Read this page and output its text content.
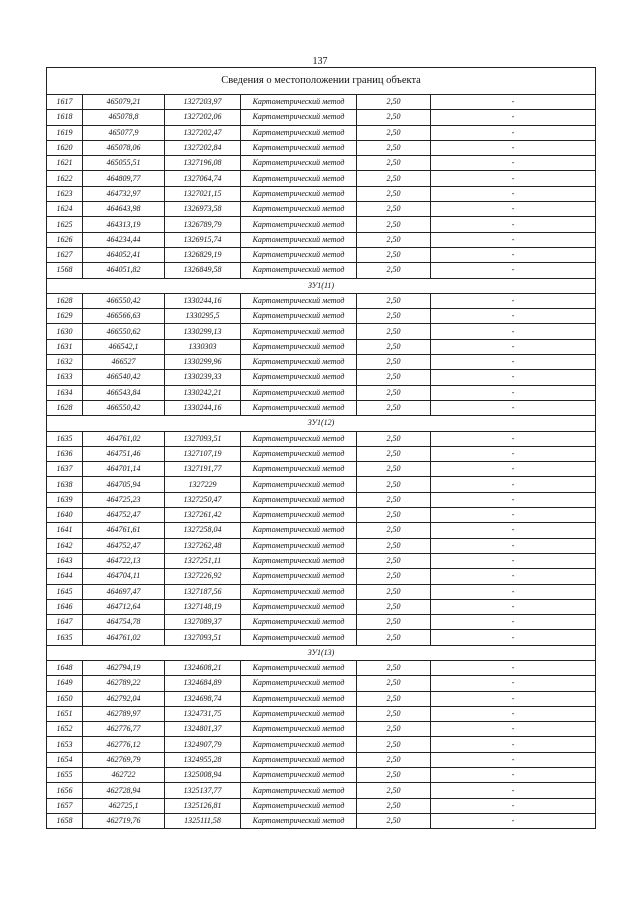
137
Сведения о местоположении границ объекта					
1617	465079,21	1327203,97	Картометрический метод	2,50	-
1618	465078,8	1327202,06	Картометрический метод	2,50	-
1619	465077,9	1327202,47	Картометрический метод	2,50	-
1620	465078,06	1327202,84	Картометрический метод	2,50	-
1621	465055,51	1327196,08	Картометрический метод	2,50	-
1622	464809,77	1327064,74	Картометрический метод	2,50	-
1623	464732,97	1327021,15	Картометрический метод	2,50	-
1624	464643,98	1326973,58	Картометрический метод	2,50	-
1625	464313,19	1326789,79	Картометрический метод	2,50	-
1626	464234,44	1326915,74	Картометрический метод	2,50	-
1627	464052,41	1326829,19	Картометрический метод	2,50	-
1568	464051,82	1326849,58	Картометрический метод	2,50	-
ЗУ1(11)					
1628	466550,42	1330244,16	Картометрический метод	2,50	-
1629	466566,63	1330295,5	Картометрический метод	2,50	-
1630	466550,62	1330299,13	Картометрический метод	2,50	-
1631	466542,1	1330303	Картометрический метод	2,50	-
1632	466527	1330299,96	Картометрический метод	2,50	-
1633	466540,42	1330239,33	Картометрический метод	2,50	-
1634	466543,84	1330242,21	Картометрический метод	2,50	-
1628	466550,42	1330244,16	Картометрический метод	2,50	-
ЗУ1(12)					
1635	464761,02	1327093,51	Картометрический метод	2,50	-
1636	464751,46	1327107,19	Картометрический метод	2,50	-
1637	464701,14	1327191,77	Картометрический метод	2,50	-
1638	464705,94	1327229	Картометрический метод	2,50	-
1639	464725,23	1327250,47	Картометрический метод	2,50	-
1640	464752,47	1327261,42	Картометрический метод	2,50	-
1641	464761,61	1327258,04	Картометрический метод	2,50	-
1642	464752,47	1327262,48	Картометрический метод	2,50	-
1643	464722,13	1327251,11	Картометрический метод	2,50	-
1644	464704,11	1327226,92	Картометрический метод	2,50	-
1645	464697,47	1327187,56	Картометрический метод	2,50	-
1646	464712,64	1327148,19	Картометрический метод	2,50	-
1647	464754,78	1327089,37	Картометрический метод	2,50	-
1635	464761,02	1327093,51	Картометрический метод	2,50	-
ЗУ1(13)					
1648	462794,19	1324608,21	Картометрический метод	2,50	-
1649	462789,22	1324684,89	Картометрический метод	2,50	-
1650	462792,04	1324698,74	Картометрический метод	2,50	-
1651	462789,97	1324731,75	Картометрический метод	2,50	-
1652	462776,77	1324801,37	Картометрический метод	2,50	-
1653	462776,12	1324907,79	Картометрический метод	2,50	-
1654	462769,79	1324955,28	Картометрический метод	2,50	-
1655	462722	1325008,94	Картометрический метод	2,50	-
1656	462728,94	1325137,77	Картометрический метод	2,50	-
1657	462725,1	1325126,81	Картометрический метод	2,50	-
1658	462719,76	1325111,58	Картометрический метод	2,50	-
